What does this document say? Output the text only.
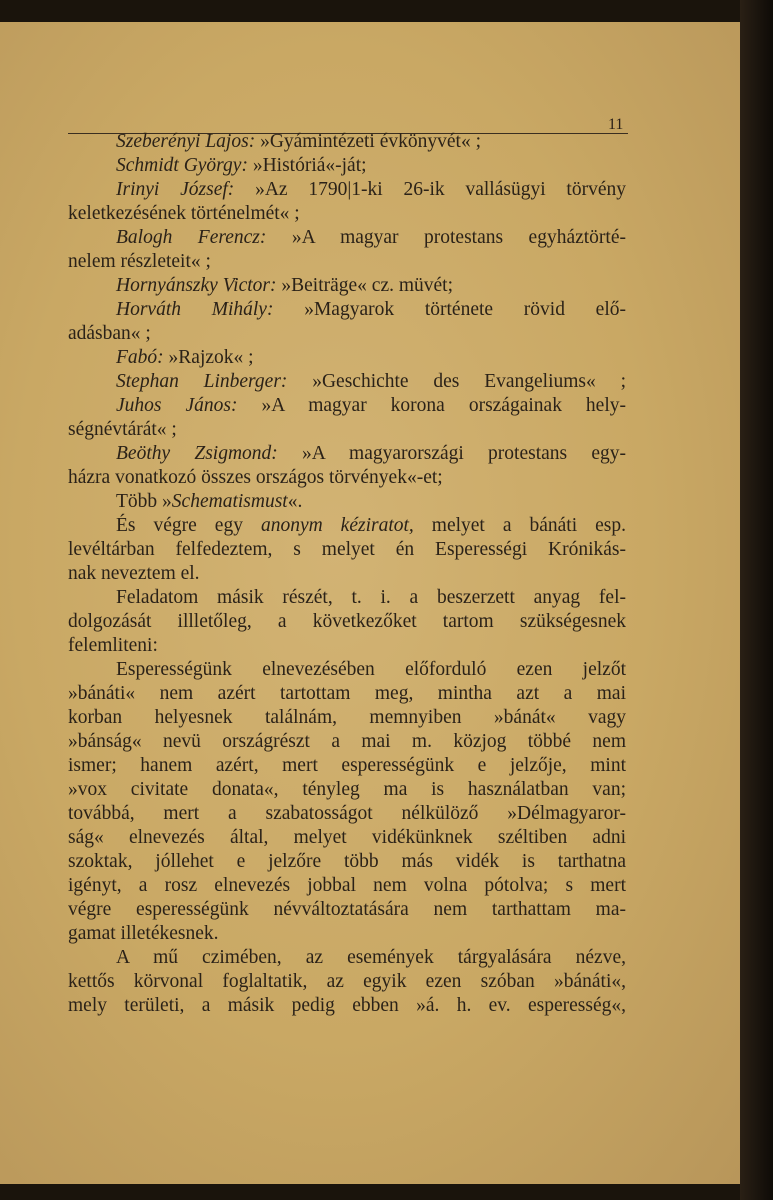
11
Szeberényi Lajos: »Gyámintézeti évkönyvét« ;
Schmidt György: »Históriá«-ját;
Irinyi József: »Az 1790|1-ki 26-ik vallásügyi törvény
keletkezésének történelmét« ;
Balogh Ferencz: »A magyar protestans egyháztörté-
nelem részleteit« ;
Hornyánszky Victor: »Beiträge« cz. müvét;
Horváth Mihály: »Magyarok története rövid elő-
adásban« ;
Fabó: »Rajzok« ;
Stephan Linberger: »Geschichte des Evangeliums« ;
Juhos János: »A magyar korona országainak hely-
ségnévtárát« ;
Beöthy Zsigmond: »A magyarországi protestans egy-
házra vonatkozó összes országos törvények«-et;
Több »Schematismust«.
És végre egy anonym kéziratot, melyet a bánáti esp.
levéltárban felfedeztem, s melyet én Esperességi Krónikás-
nak neveztem el.
Feladatom másik részét, t. i. a beszerzett anyag fel-
dolgozását illletőleg, a következőket tartom szükségesnek
felemliteni:
Esperességünk elnevezésében előforduló ezen jelzőt
»bánáti« nem azért tartottam meg, mintha azt a mai
korban helyesnek találnám, memnyiben »bánát« vagy
»bánság« nevü országrészt a mai m. közjog többé nem
ismer; hanem azért, mert esperességünk e jelzője, mint
»vox civitate donata«, tényleg ma is használatban van;
továbbá, mert a szabatosságot nélkülöző »Délmagyaror-
ság« elnevezés által, melyet vidékünknek széltiben adni
szoktak, jóllehet e jelzőre több más vidék is tarthatna
igényt, a rosz elnevezés jobbal nem volna pótolva; s mert
végre esperességünk névváltoztatására nem tarthattam ma-
gamat illetékesnek.
A mű czimében, az események tárgyalására nézve,
kettős körvonal foglaltatik, az egyik ezen szóban »bánáti«,
mely területi, a másik pedig ebben »á. h. ev. esperesség«,
